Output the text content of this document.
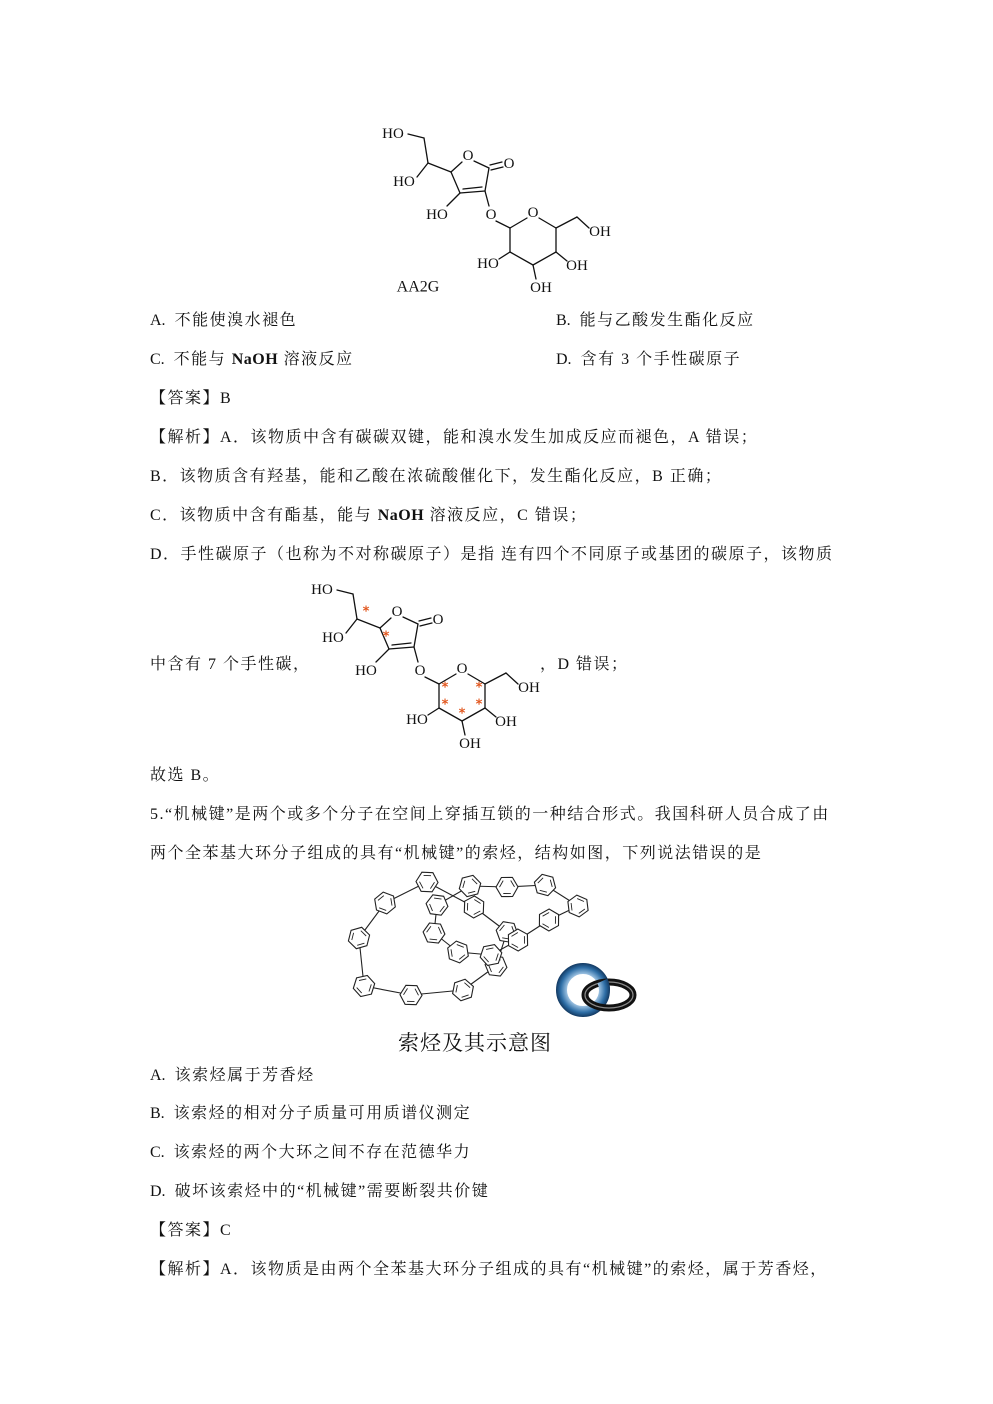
AA2G
HO
HO
O O
HO	O O
OH
OH
OH
HO
A. 不能使溴水褪色	B. 能与乙酸发生酯化反应
C. 不能与 NaOH 溶液反应	D. 含有 3 个手性碳原子
【答案】B
【解析】A．该物质中含有碳碳双键，能和溴水发生加成反应而褪色，A 错误；
B．该物质含有羟基，能和乙酸在浓硫酸催化下，发生酯化反应，B 正确；
C．该物质中含有酯基，能与 NaOH 溶液反应，C 错误；
D．手性碳原子（也称为不对称碳原子）是指 连有四个不同原子或基团的碳原子，该物质
中含有 7 个手性碳，
HO
HO
O O
HO	O O
OH
OH
OH
HO
*
*
* *
*
*
*
，D 错误；
故选 B。
5.“机械键”是两个或多个分子在空间上穿插互锁的一种结合形式。我国科研人员合成了由
两个全苯基大环分子组成的具有“机械键”的索烃，结构如图，下列说法错误的是
索烃及其示意图
A. 该索烃属于芳香烃
B. 该索烃的相对分子质量可用质谱仪测定
C. 该索烃的两个大环之间不存在范德华力
D. 破坏该索烃中的“机械键”需要断裂共价键
【答案】C
【解析】A．该物质是由两个全苯基大环分子组成的具有“机械键”的索烃，属于芳香烃，
